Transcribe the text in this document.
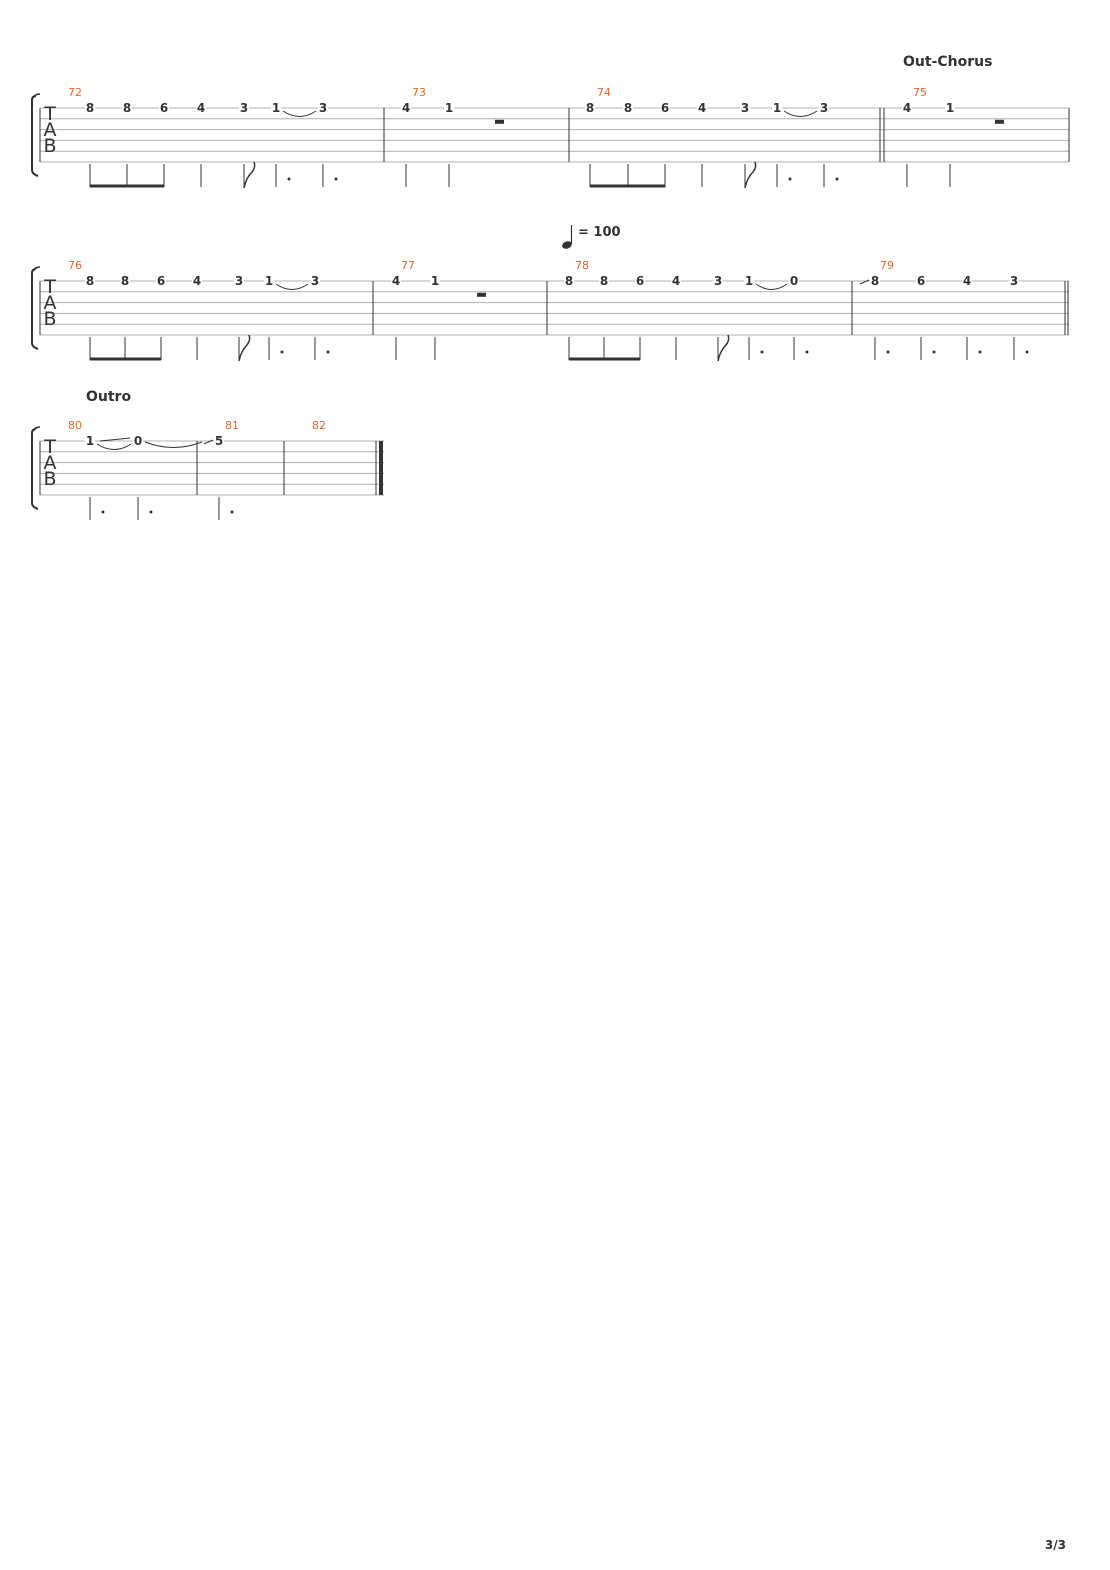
T
A
B
72
8 8 6 4	3 1	3
73
4	1
74
8 8 6 4	3 1	3
75
4	1
T
A
B
76
8 8 6 4	3 1	3
77
4	1
78
8 8 6 4	3 1	0
79
8	6	4	3
T
A
B
80
1	0
81
5
82
= 100
Out-Chorus
Outro
3/3
